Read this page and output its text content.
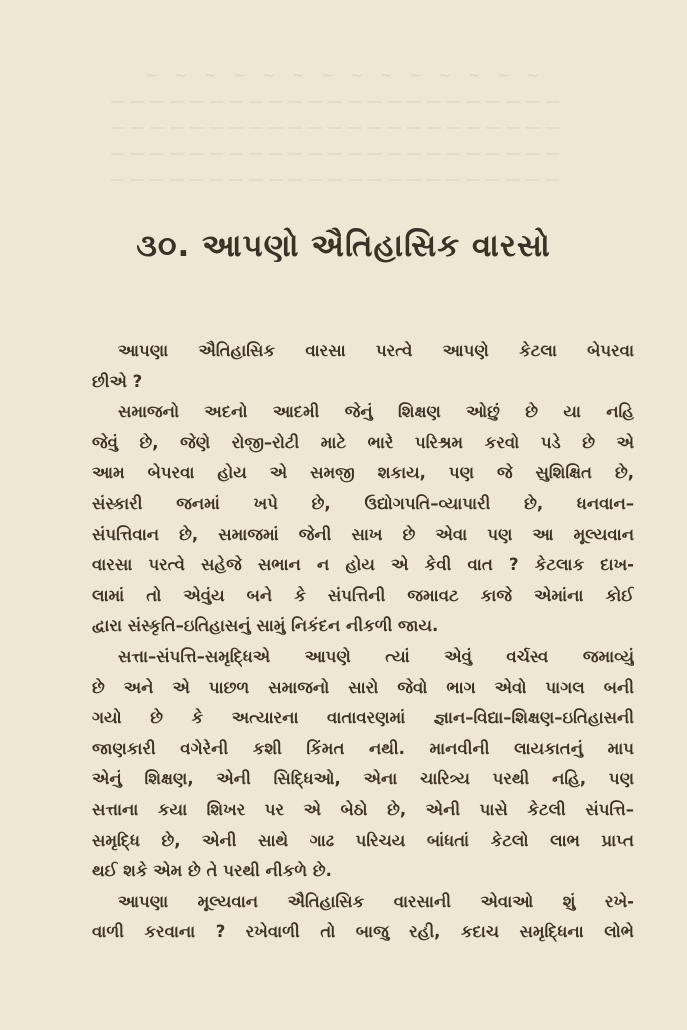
~ ~ ~ ~ ~ ~ ~ ~ ~ ~ ~ ~ ~ ~
— — — — — — — — — — — — — — — — — — — — — — —
— — — — — — — — — — — — — — — — — — — — — — —
— — — — — — — — — — — — — — — — — — — — — — —
— — — — — — — — — — — — — — — — — — — — — — —
૩૦. આપણો ઐતિહાસિક વારસો
આપણા ઐતિહાસિક વારસા પરત્વે આપણે કેટલા બેપરવા
છીએ ?
સમાજનો અદનો આદમી જેનું શિક્ષણ ઓછું છે યા નહિ
જેવું છે, જેણે રોજી–રોટી માટે ભારે પરિશ્રમ કરવો પડે છે એ
આમ બેપરવા હોય એ સમજી શકાય, પણ જે સુશિક્ષિત છે,
સંસ્કારી જનમાં ખપે છે, ઉદ્યોગપતિ–વ્યાપારી છે, ધનવાન–
સંપત્તિવાન છે, સમાજમાં જેની સાખ છે એવા પણ આ મૂલ્યવાન
વારસા પરત્વે સહેજે સભાન ન હોય એ કેવી વાત ? કેટલાક દાખ-
લામાં તો એવુંય બને કે સંપત્તિની જમાવટ કાજે એમાંના કોઈ
દ્વારા સંસ્કૃતિ–ઇતિહાસનું સામું નિકંદન નીકળી જાય.
સત્તા–સંપત્તિ–સમૃદ્ધિએ આપણે ત્યાં એવું વર્ચસ્વ જમાવ્યું
છે અને એ પાછળ સમાજનો સારો જેવો ભાગ એવો પાગલ બની
ગયો છે કે અત્યારના વાતાવરણમાં જ્ઞાન–વિદ્યા–શિક્ષણ–ઇતિહાસની
જાણકારી વગેરેની કશી કિંમત નથી. માનવીની લાયકાતનું માપ
એનું શિક્ષણ, એની સિદ્ધિઓ, એના ચારિત્ર્ય પરથી નહિ, પણ
સત્તાના કયા શિખર પર એ બેઠો છે, એની પાસે કેટલી સંપત્તિ–
સમૃદ્ધિ છે, એની સાથે ગાઢ પરિચય બાંધતાં કેટલો લાભ પ્રાપ્ત
થઈ શકે એમ છે તે પરથી નીકળે છે.
આપણા મૂલ્યવાન ઐતિહાસિક વારસાની એવાઓ શું રખે-
વાળી કરવાના ? રખેવાળી તો બાજુ રહી, કદાચ સમૃદ્ધિના લોભે
